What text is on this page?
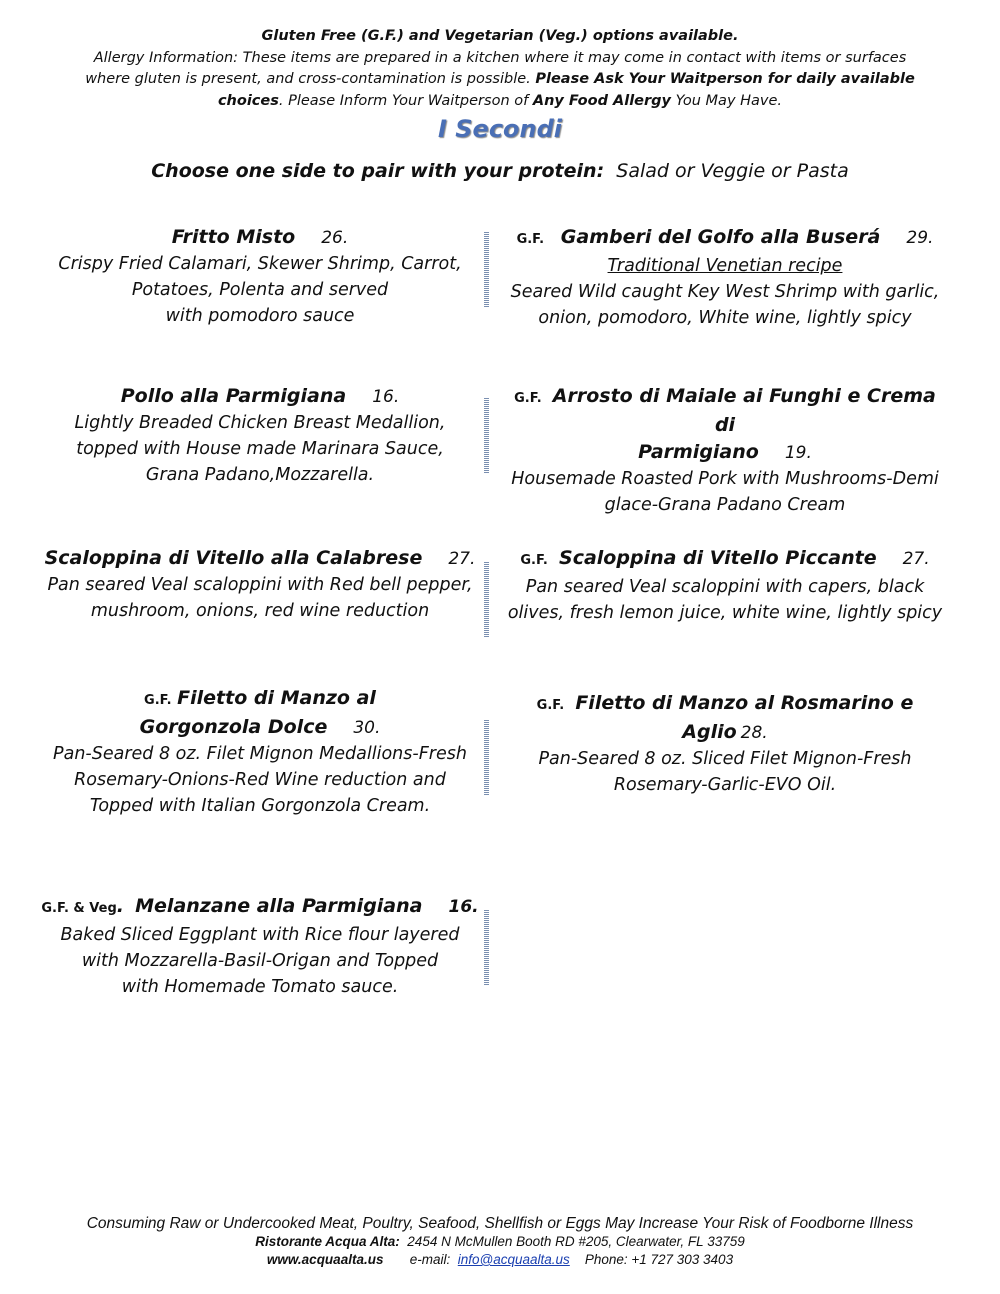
Gluten Free (G.F.) and Vegetarian (Veg.) options available.
Allergy Information: These items are prepared in a kitchen where it may come in contact with items or surfaces
where gluten is present, and cross-contamination is possible. Please Ask Your Waitperson for daily available
choices. Please Inform Your Waitperson of Any Food Allergy You May Have.
I Secondi
Choose one side to pair with your protein: Salad or Veggie or Pasta
Fritto Misto 26.
Crispy Fried Calamari, Skewer Shrimp, Carrot,
Potatoes, Polenta and served
with pomodoro sauce
G.F. Gamberi del Golfo alla Buserá 29.
Traditional Venetian recipe
Seared Wild caught Key West Shrimp with garlic,
onion, pomodoro, White wine, lightly spicy
Pollo alla Parmigiana 16.
Lightly Breaded Chicken Breast Medallion,
topped with House made Marinara Sauce,
Grana Padano,Mozzarella.
G.F. Arrosto di Maiale ai Funghi e Crema di
Parmigiano 19.
Housemade Roasted Pork with Mushrooms-Demi
glace-Grana Padano Cream
Scaloppina di Vitello alla Calabrese 27.
Pan seared Veal scaloppini with Red bell pepper,
mushroom, onions, red wine reduction
G.F. Scaloppina di Vitello Piccante 27.
Pan seared Veal scaloppini with capers, black
olives, fresh lemon juice, white wine, lightly spicy
G.F. Filetto di Manzo al
Gorgonzola Dolce 30.
Pan-Seared 8 oz. Filet Mignon Medallions-Fresh
Rosemary-Onions-Red Wine reduction and
Topped with Italian Gorgonzola Cream.
G.F. Filetto di Manzo al Rosmarino e Aglio 28.
Pan-Seared 8 oz. Sliced Filet Mignon-Fresh
Rosemary-Garlic-EVO Oil.
G.F. & Veg. Melanzane alla Parmigiana 16.
Baked Sliced Eggplant with Rice flour layered
with Mozzarella-Basil-Origan and Topped
with Homemade Tomato sauce.
Consuming Raw or Undercooked Meat, Poultry, Seafood, Shellfish or Eggs May Increase Your Risk of Foodborne Illness
Ristorante Acqua Alta: 2454 N McMullen Booth RD #205, Clearwater, FL 33759
www.acquaalta.us e-mail: info@acquaalta.us Phone: +1 727 303 3403
